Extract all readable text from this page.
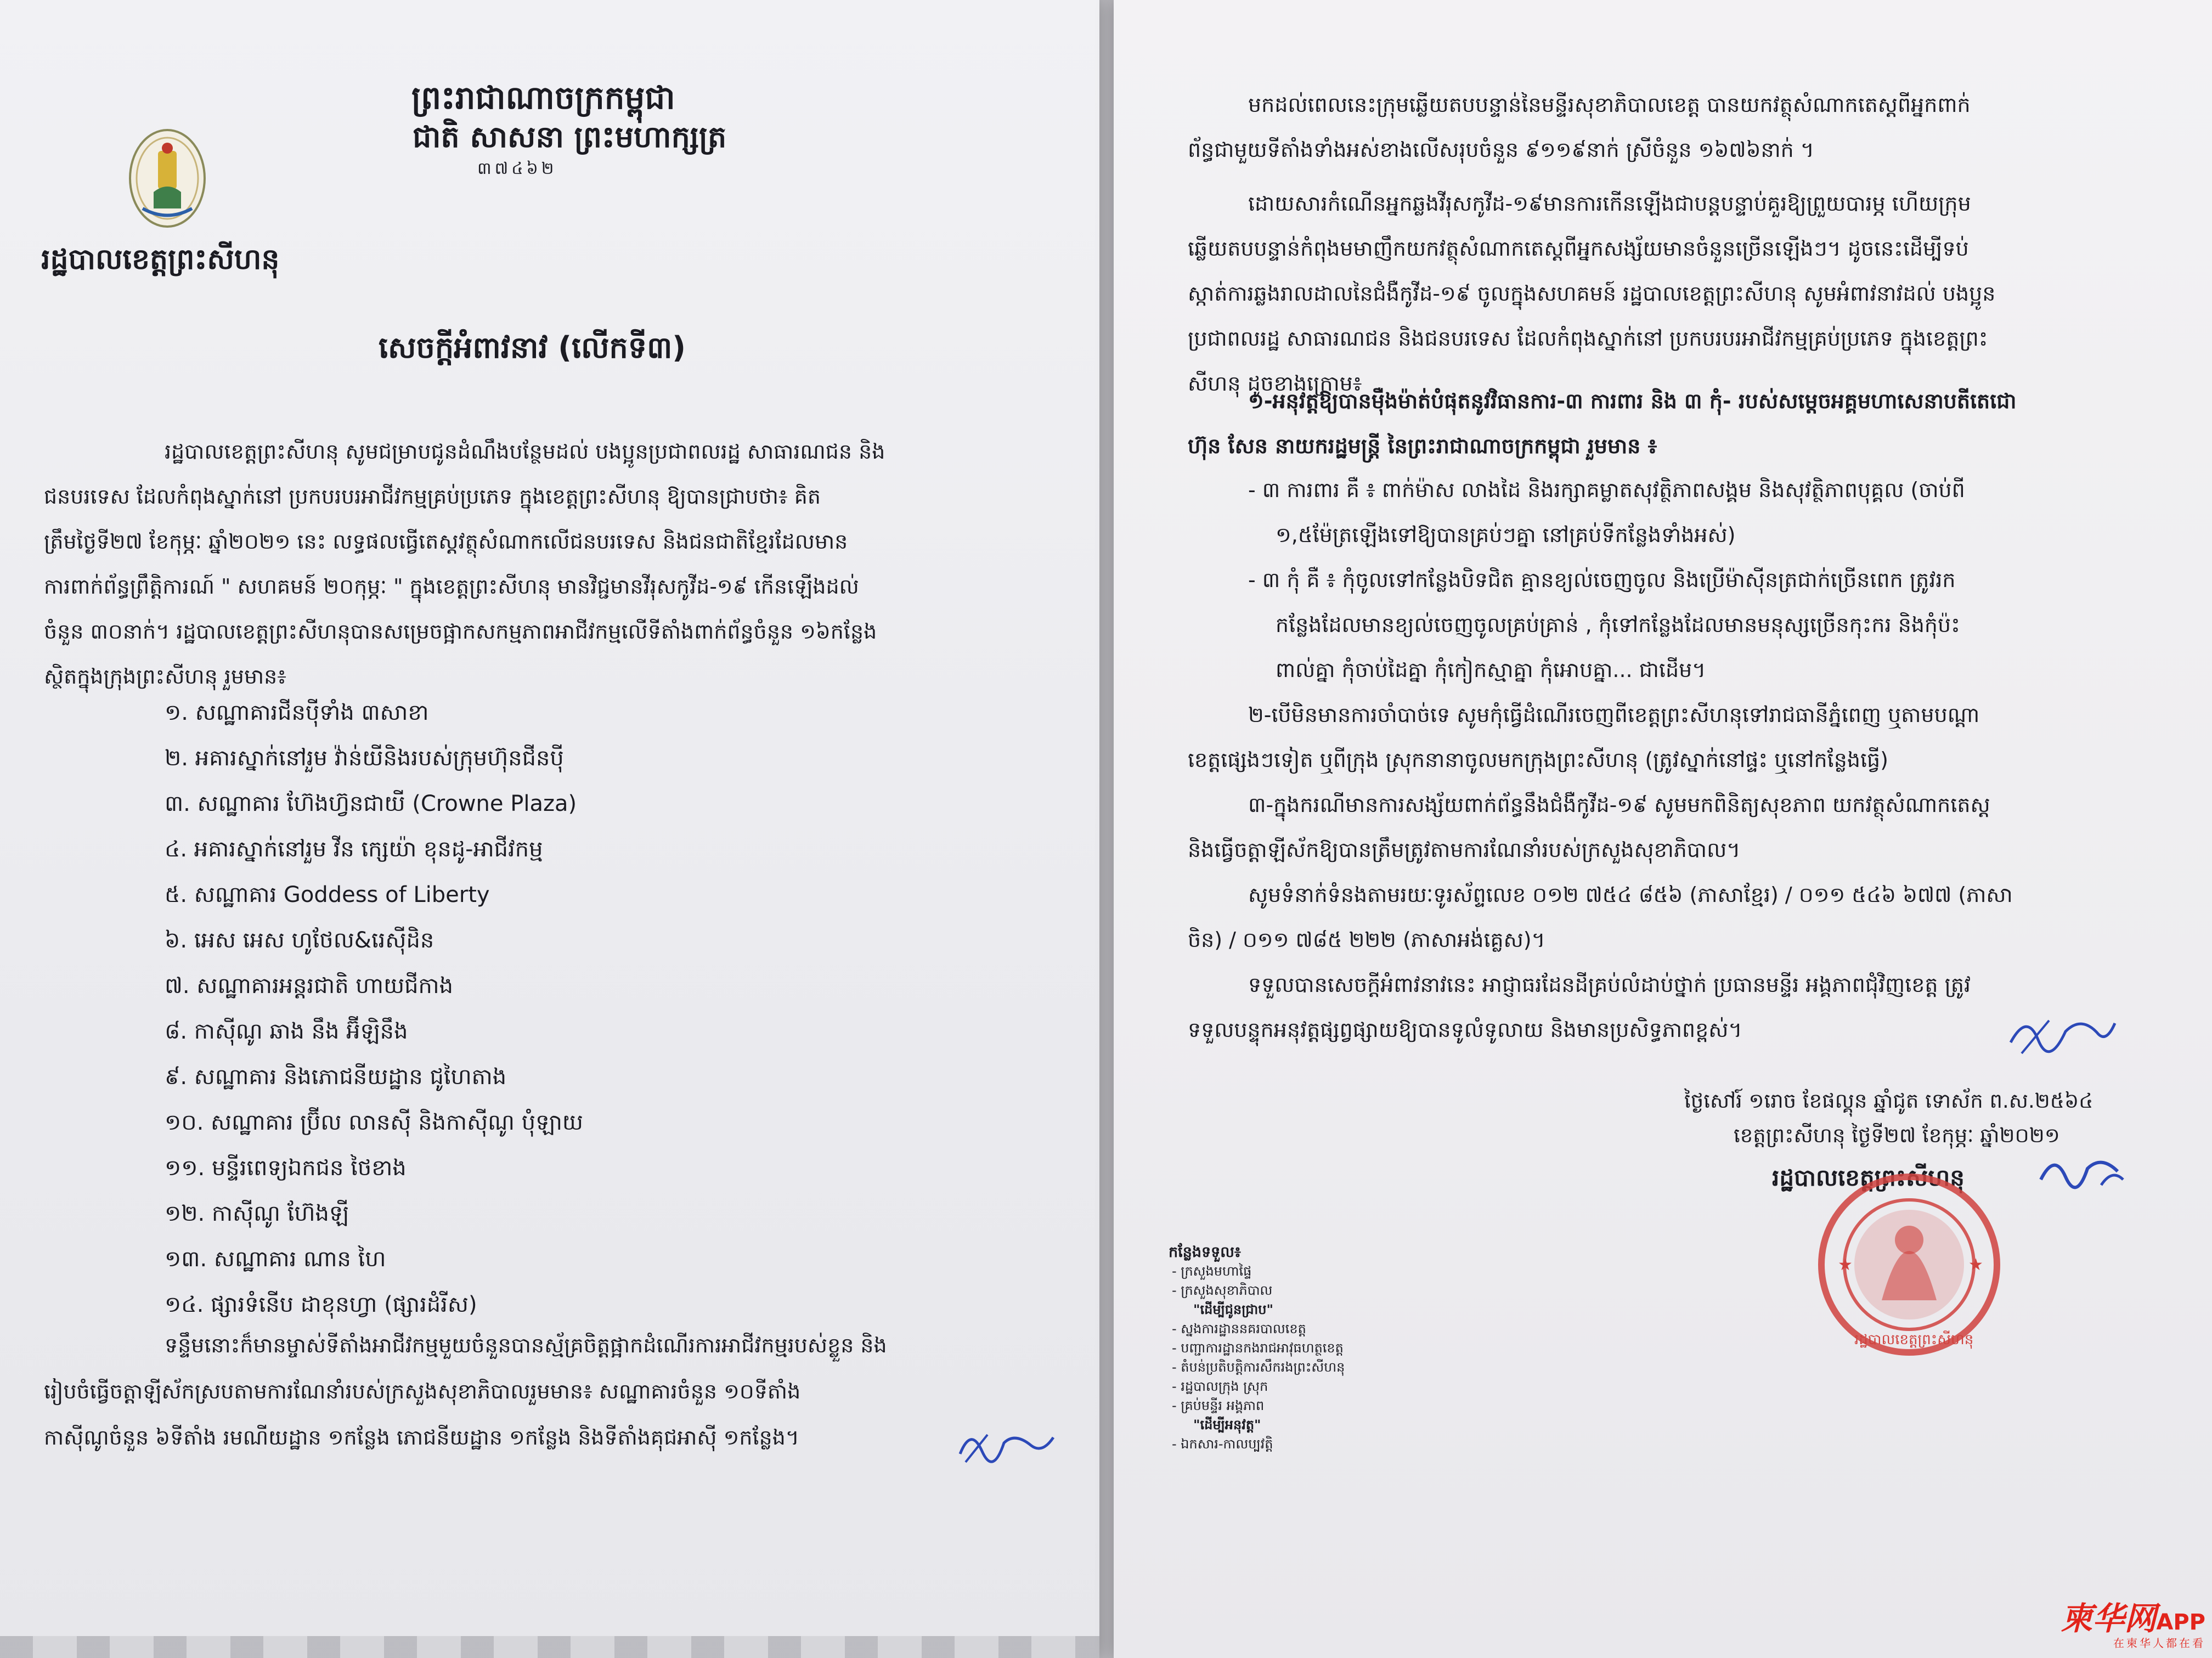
ព្រះរាជាណាចក្រកម្ពុជា
ជាតិ សាសនា ព្រះមហាក្សត្រ
៣៧៤៦២
រដ្ឋបាលខេត្តព្រះសីហនុ
សេចក្តីអំពាវនាវ (លើកទី៣)
រដ្ឋបាលខេត្តព្រះសីហនុ សូមជម្រាបជូនដំណឹងបន្ថែមដល់ បងប្អូនប្រជាពលរដ្ឋ សាធារណជន និង
ជនបរទេស ដែលកំពុងស្នាក់នៅ ប្រកបរបរអាជីវកម្មគ្រប់ប្រភេទ ក្នុងខេត្តព្រះសីហនុ ឱ្យបានជ្រាបថា៖ គិត
ត្រឹមថ្ងៃទី២៧ ខែកុម្ភៈ ឆ្នាំ២០២១ នេះ លទ្ធផលធ្វើតេស្តវត្ថុសំណាកលើជនបរទេស និងជនជាតិខ្មែរដែលមាន
ការពាក់ព័ន្ធព្រឹត្តិការណ៍ " សហគមន៍ ២០កុម្ភៈ " ក្នុងខេត្តព្រះសីហនុ មានវិជ្ជមានវីរុសកូវីដ-១៩ កើនឡើងដល់
ចំនួន ៣០នាក់។ រដ្ឋបាលខេត្តព្រះសីហនុបានសម្រេចផ្អាកសកម្មភាពអាជីវកម្មលើទីតាំងពាក់ព័ន្ធចំនួន ១៦កន្លែង
ស្ថិតក្នុងក្រុងព្រះសីហនុ រួមមាន៖
១. សណ្ឋាគារជីនប៉ីទាំង ៣សាខា
២. អគារស្នាក់នៅរួម វ៉ាន់យីនិងរបស់ក្រុមហ៊ុនជីនប៉ី
៣. សណ្ឋាគារ ហ៊ែងហ្វ៊នជាយី (Crowne Plaza)
៤. អគារស្នាក់នៅរួម វីន ក្សេយ៉ា ខុនដូ-អាជីវកម្ម
៥. សណ្ឋាគារ Goddess of Liberty
៦. អេស អេស ហូថែល&រេស៊ីដិន
៧. សណ្ឋាគារអន្តរជាតិ ហាយជីកាង
៨. កាស៊ីណូ ឆាង នឹង អ៊ីឡិនឹង
៩. សណ្ឋាគារ និងភោជនីយដ្ឋាន ជូហៃតាង
១០. សណ្ឋាគារ ប្រ៊ីល លានស៊ី និងកាស៊ីណូ ប៉ំឡាយ
១១. មន្ទីរពេទ្យឯកជន ថៃខាង
១២. កាស៊ីណូ ហ៊ែងឡី
១៣. សណ្ឋាគារ ណាន ហៃ
១៤. ផ្សារទំនើប ដាខុនហ្វា (ផ្សារដំរីស)
ទន្ទឹមនោះក៏មានម្ចាស់ទីតាំងអាជីវកម្មមួយចំនួនបានស្ម័គ្រចិត្តផ្អាកដំណើរការអាជីវកម្មរបស់ខ្លួន និង
រៀបចំធ្វើចត្តាឡីស័កស្របតាមការណែនាំរបស់ក្រសួងសុខាភិបាលរួមមាន៖ សណ្ឋាគារចំនួន ១០ទីតាំង
កាស៊ីណូចំនួន ៦ទីតាំង រមណីយដ្ឋាន ១កន្លែង ភោជនីយដ្ឋាន ១កន្លែង និងទីតាំងគុជអាស៊ី ១កន្លែង។
មកដល់ពេលនេះក្រុមឆ្លើយតបបន្ទាន់នៃមន្ទីរសុខាភិបាលខេត្ត បានយកវត្ថុសំណាកតេស្តពីអ្នកពាក់
ព័ន្ធជាមួយទីតាំងទាំងអស់ខាងលើសរុបចំនួន ៩១១៩នាក់ ស្រីចំនួន ១៦៧៦នាក់ ។
ដោយសារកំណើនអ្នកឆ្លងវីរុសកូវីដ-១៩មានការកើនឡើងជាបន្តបន្ទាប់គួរឱ្យព្រួយបារម្ភ ហើយក្រុម
ឆ្លើយតបបន្ទាន់កំពុងមមាញឹកយកវត្ថុសំណាកតេស្តពីអ្នកសង្ស័យមានចំនួនច្រើនឡើងៗ។ ដូចនេះដើម្បីទប់
ស្កាត់ការឆ្លងរាលដាលនៃជំងឺកូវីដ-១៩ ចូលក្នុងសហគមន៍ រដ្ឋបាលខេត្តព្រះសីហនុ សូមអំពាវនាវដល់ បងប្អូន
ប្រជាពលរដ្ឋ សាធារណជន និងជនបរទេស ដែលកំពុងស្នាក់នៅ ប្រកបរបរអាជីវកម្មគ្រប់ប្រភេទ ក្នុងខេត្តព្រះ
សីហនុ ដូចខាងក្រោម៖
១-អនុវត្តឱ្យបានម៉ឺងម៉ាត់បំផុតនូវវិធានការ-៣ ការពារ និង ៣ កុំ- របស់សម្តេចអគ្គមហាសេនាបតីតេជោ
ហ៊ុន សែន នាយករដ្ឋមន្ត្រី នៃព្រះរាជាណាចក្រកម្ពុជា រួមមាន ៖
- ៣ ការពារ គឺ ៖ ពាក់ម៉ាស លាងដៃ និងរក្សាគម្លាតសុវត្ថិភាពសង្គម និងសុវត្ថិភាពបុគ្គល (ចាប់ពី
១,៥ម៉ែត្រឡើងទៅឱ្យបានគ្រប់ៗគ្នា នៅគ្រប់ទីកន្លែងទាំងអស់)
- ៣ កុំ គឺ ៖ កុំចូលទៅកន្លែងបិទជិត គ្មានខ្យល់ចេញចូល និងប្រើម៉ាស៊ីនត្រជាក់ច្រើនពេក ត្រូវរក
កន្លែងដែលមានខ្យល់ចេញចូលគ្រប់គ្រាន់ , កុំទៅកន្លែងដែលមានមនុស្សច្រើនកុះករ និងកុំប៉ះ
ពាល់គ្នា កុំចាប់ដៃគ្នា កុំកៀកស្មាគ្នា កុំអោបគ្នា... ជាដើម។
២-បើមិនមានការចាំបាច់ទេ សូមកុំធ្វើដំណើរចេញពីខេត្តព្រះសីហនុទៅរាជធានីភ្នំពេញ ឬតាមបណ្តា
ខេត្តផ្សេងៗទៀត ឬពីក្រុង ស្រុកនានាចូលមកក្រុងព្រះសីហនុ (ត្រូវស្នាក់នៅផ្ទះ ឬនៅកន្លែងធ្វើ)
៣-ក្នុងករណីមានការសង្ស័យពាក់ព័ន្ធនឹងជំងឺកូវីដ-១៩ សូមមកពិនិត្យសុខភាព យកវត្ថុសំណាកតេស្ត
និងធ្វើចត្តាឡីស័កឱ្យបានត្រឹមត្រូវតាមការណែនាំរបស់ក្រសួងសុខាភិបាល។
សូមទំនាក់ទំនងតាមរយៈទូរស័ព្ទលេខ ០១២ ៧៥៤ ៨៥៦ (ភាសាខ្មែរ) / ០១១ ៥៤៦ ៦៧៧ (ភាសា
ចិន) / ០១១ ៧៨៥ ២២២ (ភាសាអង់គ្លេស)។
ទទួលបានសេចក្តីអំពាវនាវនេះ អាជ្ញាធរដែនដីគ្រប់លំដាប់ថ្នាក់ ប្រធានមន្ទីរ អង្គភាពជុំវិញខេត្ត ត្រូវ
ទទួលបន្ទុកអនុវត្តផ្សព្វផ្សាយឱ្យបានទូលំទូលាយ និងមានប្រសិទ្ធភាពខ្ពស់។
ថ្ងៃសៅរ៍ ១រោច ខែផល្គុន ឆ្នាំជូត ទោស័ក ព.ស.២៥៦៤
ខេត្តព្រះសីហនុ ថ្ងៃទី២៧ ខែកុម្ភៈ ឆ្នាំ២០២១
រដ្ឋបាលខេត្តព្រះសីហនុ
★	★
រដ្ឋបាលខេត្តព្រះសីហនុ
កន្លែងទទួល៖
- ក្រសួងមហាផ្ទៃ
- ក្រសួងសុខាភិបាល
"ដើម្បីជូនជ្រាប"
- ស្នងការដ្ឋាននគរបាលខេត្ត
- បញ្ជាការដ្ឋានកងរាជអាវុធហត្ថខេត្ត
- តំបន់ប្រតិបត្តិការសឹករងព្រះសីហនុ
- រដ្ឋបាលក្រុង ស្រុក
- គ្រប់មន្ទីរ អង្គភាព
"ដើម្បីអនុវត្ត"
- ឯកសារ-កាលប្បវត្តិ
柬华网APP
在柬华人都在看
